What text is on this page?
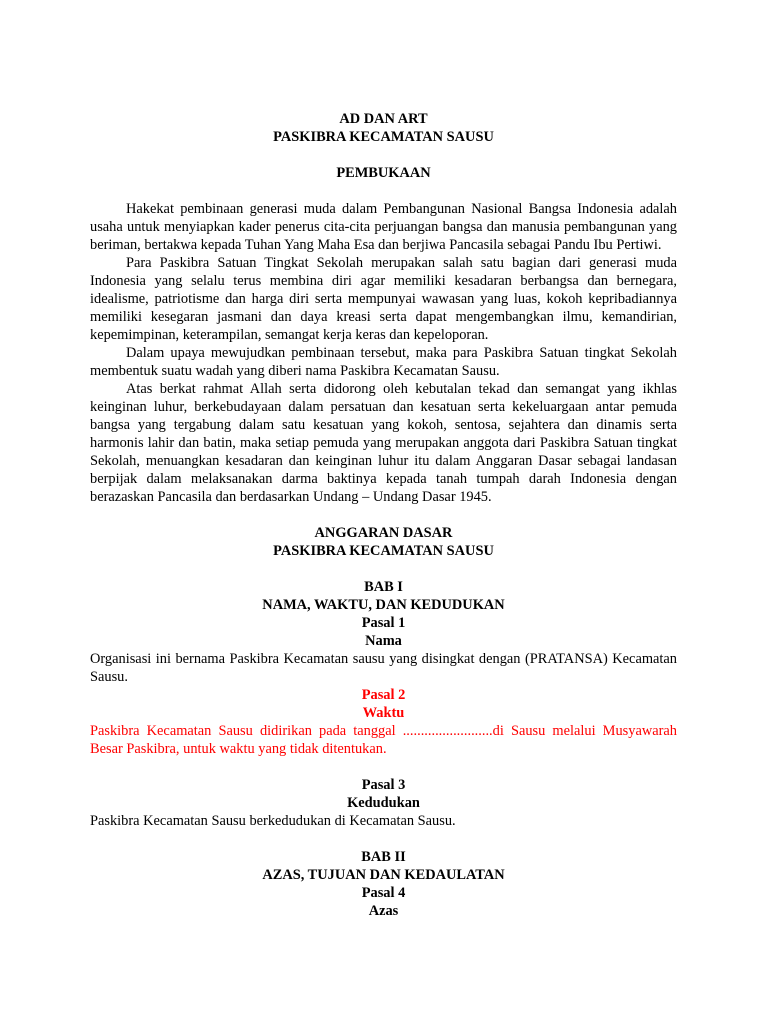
AD DAN ART

PASKIBRA KECAMATAN SAUSU

PEMBUKAAN

Hakekat pembinaan generasi muda dalam Pembangunan Nasional Bangsa Indonesia adalah usaha untuk menyiapkan kader penerus cita-cita perjuangan bangsa dan manusia pembangunan yang beriman, bertakwa kepada Tuhan Yang Maha Esa dan berjiwa Pancasila sebagai Pandu Ibu Pertiwi.

Para Paskibra Satuan Tingkat Sekolah merupakan salah satu bagian dari generasi muda Indonesia yang selalu terus membina diri agar memiliki kesadaran berbangsa dan bernegara, idealisme, patriotisme dan harga diri serta mempunyai wawasan yang luas, kokoh kepribadiannya memiliki kesegaran jasmani dan daya kreasi serta dapat mengembangkan ilmu, kemandirian, kepemimpinan, keterampilan, semangat kerja keras dan kepeloporan.

Dalam upaya mewujudkan pembinaan tersebut, maka para Paskibra Satuan tingkat Sekolah membentuk suatu wadah yang diberi nama Paskibra Kecamatan Sausu.

Atas berkat rahmat Allah serta didorong oleh kebutalan tekad dan semangat yang ikhlas keinginan luhur, berkebudayaan dalam persatuan dan kesatuan serta kekeluargaan antar pemuda bangsa yang tergabung dalam satu kesatuan yang kokoh, sentosa, sejahtera dan dinamis serta harmonis lahir dan batin, maka setiap pemuda yang merupakan anggota dari Paskibra Satuan tingkat Sekolah, menuangkan kesadaran dan keinginan luhur itu dalam Anggaran Dasar sebagai landasan berpijak dalam melaksanakan darma baktinya kepada tanah tumpah darah Indonesia dengan berazaskan Pancasila dan berdasarkan Undang – Undang Dasar 1945.

ANGGARAN DASAR

PASKIBRA KECAMATAN SAUSU

BAB I

NAMA, WAKTU, DAN KEDUDUKAN

Pasal 1

Nama

Organisasi ini bernama Paskibra Kecamatan sausu yang disingkat dengan (PRATANSA) Kecamatan Sausu.

Pasal 2

Waktu

Paskibra Kecamatan Sausu didirikan pada tanggal .........................di Sausu melalui Musyawarah Besar Paskibra, untuk waktu yang tidak ditentukan.

Pasal 3

Kedudukan

Paskibra Kecamatan Sausu berkedudukan di Kecamatan Sausu.

BAB II

AZAS, TUJUAN DAN KEDAULATAN

Pasal 4

Azas
